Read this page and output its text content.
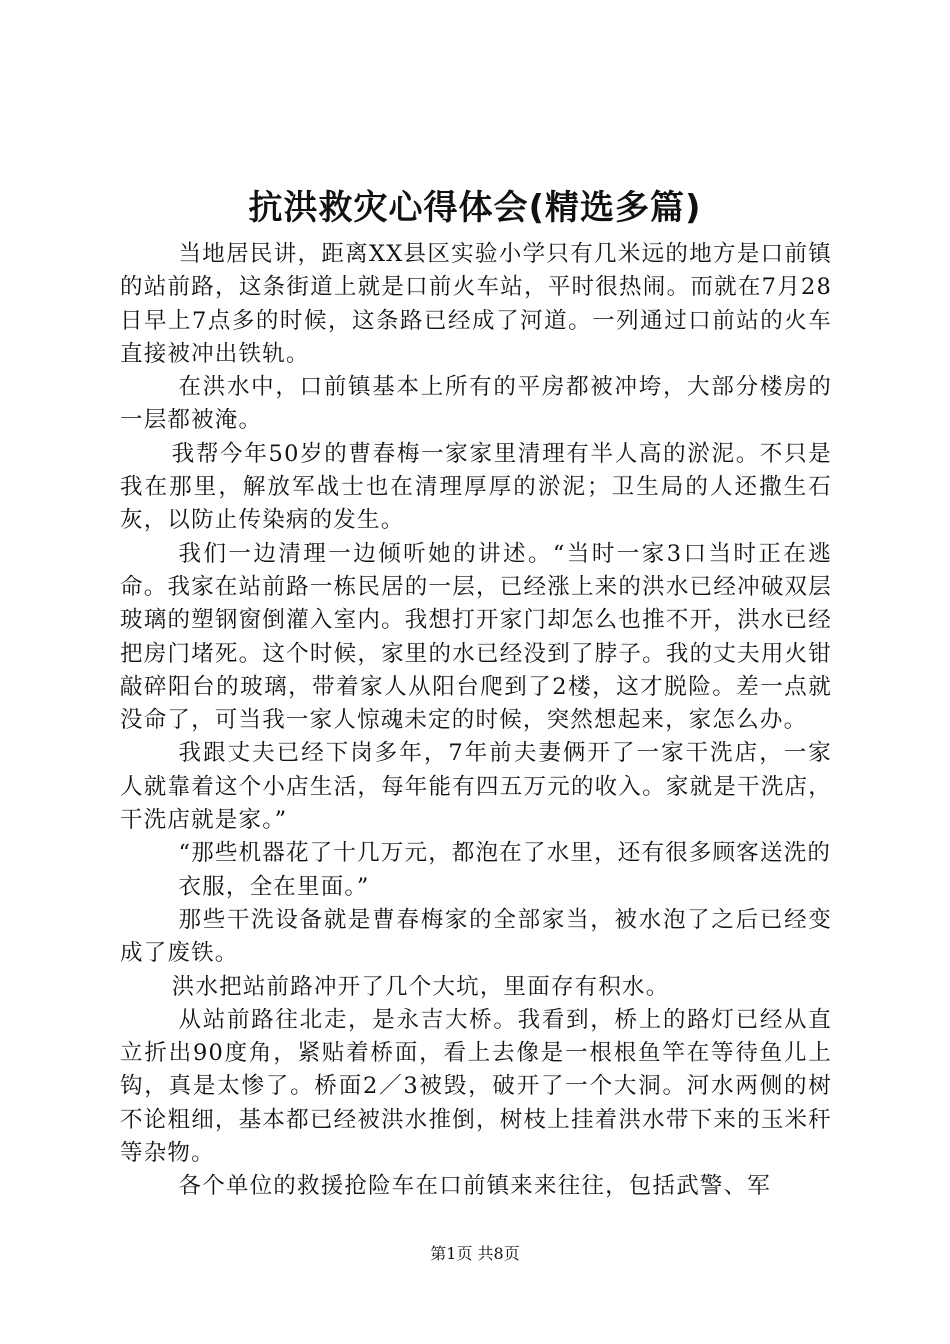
抗洪救灾心得体会(精选多篇)

当地居民讲，距离XX县区实验小学只有几米远的地方是口前镇的站前路，这条街道上就是口前火车站，平时很热闹。而就在7月28日早上7点多的时候，这条路已经成了河道。一列通过口前站的火车直接被冲出铁轨。

在洪水中，口前镇基本上所有的平房都被冲垮，大部分楼房的一层都被淹。

我帮今年50岁的曹春梅一家家里清理有半人高的淤泥。不只是我在那里，解放军战士也在清理厚厚的淤泥；卫生局的人还撒生石灰，以防止传染病的发生。

我们一边清理一边倾听她的讲述。“当时一家3口当时正在逃命。我家在站前路一栋民居的一层，已经涨上来的洪水已经冲破双层玻璃的塑钢窗倒灌入室内。我想打开家门却怎么也推不开，洪水已经把房门堵死。这个时候，家里的水已经没到了脖子。我的丈夫用火钳敲碎阳台的玻璃，带着家人从阳台爬到了2楼，这才脱险。差一点就没命了，可当我一家人惊魂未定的时候，突然想起来，家怎么办。

我跟丈夫已经下岗多年，7年前夫妻俩开了一家干洗店，一家人就靠着这个小店生活，每年能有四五万元的收入。家就是干洗店，干洗店就是家。”

“那些机器花了十几万元，都泡在了水里，还有很多顾客送洗的

衣服，全在里面。”

那些干洗设备就是曹春梅家的全部家当，被水泡了之后已经变成了废铁。

洪水把站前路冲开了几个大坑，里面存有积水。

从站前路往北走，是永吉大桥。我看到，桥上的路灯已经从直立折出90度角，紧贴着桥面，看上去像是一根根鱼竿在等待鱼儿上钩，真是太惨了。桥面2／3被毁，破开了一个大洞。河水两侧的树不论粗细，基本都已经被洪水推倒，树枝上挂着洪水带下来的玉米秆等杂物。

各个单位的救援抢险车在口前镇来来往往，包括武警、军

第1页 共8页
